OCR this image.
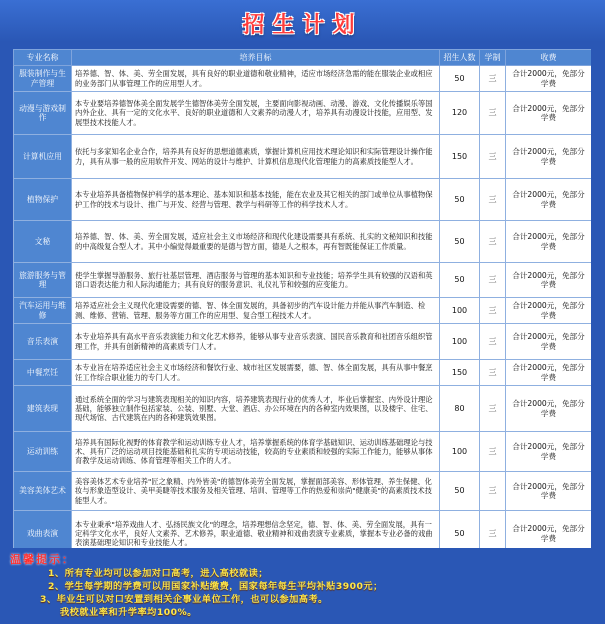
招生计划
专业名称	培养目标	招生人数	学制	收费
服装制作与生产管理	培养德、智、体、美、劳全面发展，具有良好的职业道德和敬业精神，适应市场经济急需的能在服装企业或相应的业务部门从事管理工作的应用型人才。	50	三	合计2000元，免部分学费
动漫与游戏制作	本专业要培养德智体美全面发展学生德智体美劳全面发展，主要面向影视动画、动漫、游戏、文化传播娱乐等国内外企业、具有一定的文化水平、良好的职业道德和人文素养的动漫人才，培养具有动漫设计技能，应用型、发展型技术技能人才。	120	三	合计2000元，免部分学费
计算机应用	依托与多家知名企业合作，培养具有良好的思想道德素质，掌握计算机应用技术理论知识和实际管理设计操作能力，具有从事一般的应用软件开发、网站的设计与维护、计算机信息现代化管理能力的高素质技能型人才。	150	三	合计2000元，免部分学费
植物保护	本专业培养具备植物保护科学的基本理论、基本知识和基本技能，能在农业及其它相关的部门或单位从事植物保护工作的技术与设计、推广与开发、经营与管理、教学与科研等工作的科学技术人才。	50	三	合计2000元，免部分学费
文秘	培养德、智、体、美、劳全面发展，适应社会主义市场经济和现代化建设需要具有系统、扎实的文秘知识和技能的中高级复合型人才。其中小编觉得最重要的是德与智方面，德是人之根本，再有智既能保证工作质量。	50	三	合计2000元，免部分学费
旅游服务与管理	使学生掌握导游服务、旅行社基层管理、酒店服务与管理的基本知识和专业技能；培养学生具有较强的汉语和英语口语表达能力和人际沟通能力；具有良好的服务意识、礼仪礼节和较强的应变能力。	50	三	合计2000元，免部分学费
汽车运用与维修	培养适应社会主义现代化建设需要的德、智、体全面发展的，具备初步的汽车设计能力并能从事汽车制造、检测、维修、营销、管理、服务等方面工作的应用型、复合型工程技术人才。	100	三	合计2000元，免部分学费
音乐表演	本专业培养具有高水平音乐表演能力和文化艺术修养，能够从事专业音乐表演、国民音乐教育和社团音乐组织管理工作，并具有创新精神的高素质专门人才。	100	三	合计2000元，免部分学费
中餐烹饪	本专业旨在培养适应社会主义市场经济和餐饮行业、城市社区发展需要，德、智、体全面发展，具有从事中餐烹饪工作综合职业能力的专门人才。	150	三	合计2000元，免部分学费
建筑表现	通过系统全面的学习与建筑表现相关的知识内容，培养建筑表现行业的优秀人才，毕业后掌握室、内外设计理论基础，能够独立制作包括家装、公装、别墅、大堂、酒店、办公环境在内的各种室内效果图，以及楼宇、住宅、现代场馆、古代建筑在内的各种建筑效果图。	80	三	合计2000元，免部分学费
运动训练	培养具有国际化视野的体育教学和运动训练专业人才，培养掌握系统的体育学基础知识、运动训练基础理论与技术、具有广泛的运动项目技能基础和扎实的专项运动技能，较高的专业素质和较强的实际工作能力，能够从事体育教学及运动训练、体育管理等相关工作的人才。	100	三	合计2000元，免部分学费
美容美体艺术	美容美体艺术专业培养"匠之象精、内外皆美"的德智体美劳全面发展，掌握面部美容、形体管理、养生保健、化妆与形象造型设计、美甲美睫等技术服务及相关管理、培训、管理等工作的热爱和崇尚"健康美"的高素质技术技能型人才。	50	三	合计2000元，免部分学费
戏曲表演	本专业秉承"培养戏曲人才、弘扬民族文化"的理念，培养理想信念坚定，德、智、体、美、劳全面发展，具有一定科学文化水平，良好人文素养、艺术修养，职业道德、敬业精神和戏曲表演专业素质，掌握本专业必备的戏曲表演基础理论知识和专业技能人才。	50	三	合计2000元，免部分学费
温馨提示：
1、所有专业均可以参加对口高考，进入高校就读；
2、学生每学期的学费可以用国家补贴缴费，国家每年每生平均补贴3900元；
3、毕业生可以对口安置到相关企事业单位工作，也可以参加高考。
我校就业率和升学率均100%。
